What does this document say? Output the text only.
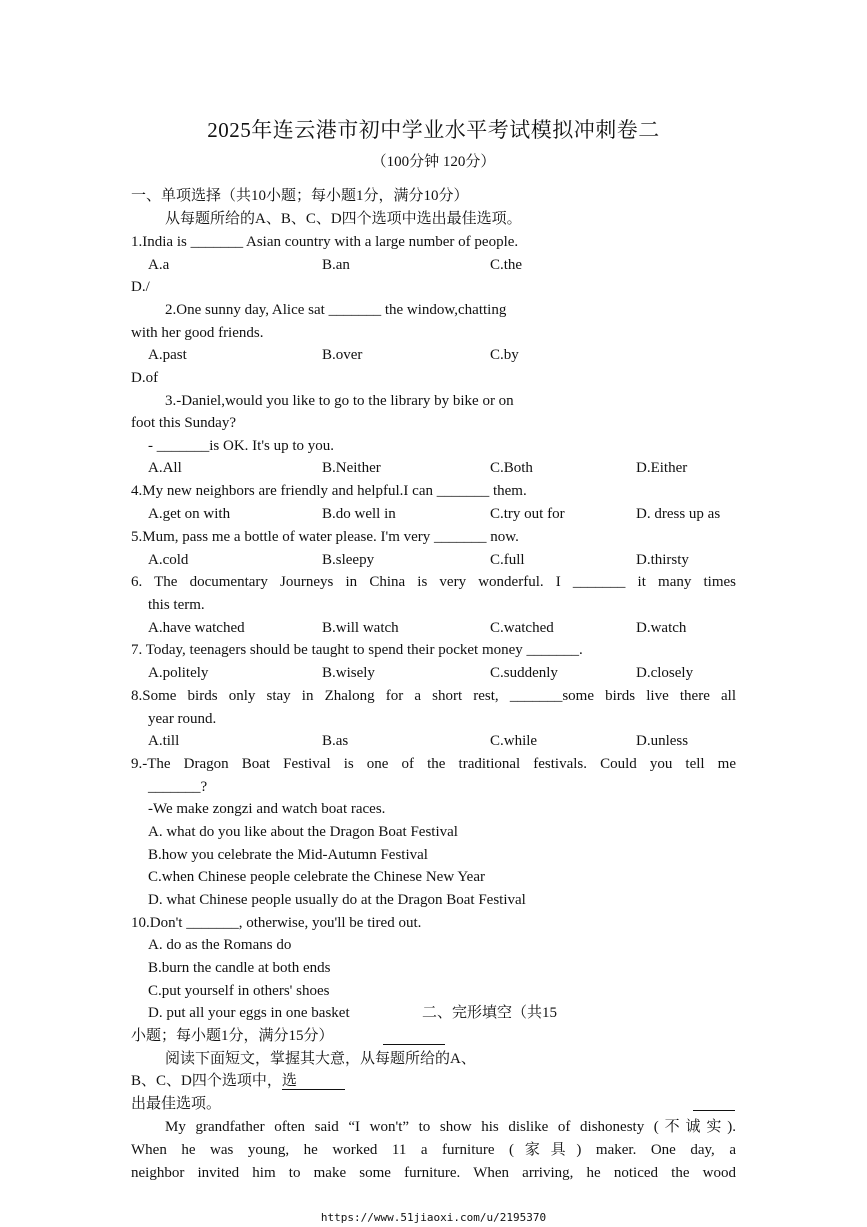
2025年连云港市初中学业水平考试模拟冲刺卷二
（100分钟 120分）
一、单项选择（共10小题；每小题1分，满分10分）
从每题所给的A、B、C、D四个选项中选出最佳选项。
1.India is _______ Asian country with a large number of people.
A.a	B.an	C.the
D./
2.One sunny day, Alice sat _______ the window,chatting
with her good friends.
A.past	B.over	C.by
D.of
3.-Daniel,would you like to go to the library by bike or on
foot this Sunday?
- _______is OK. It's up to you.
A.All	B.Neither	C.Both	D.Either
4.My new neighbors are friendly and helpful.I can _______ them.
A.get on with	B.do well in	C.try out for	D. dress up as
5.Mum, pass me a bottle of water please. I'm very _______ now.
A.cold	B.sleepy	C.full	D.thirsty
6. The documentary Journeys in China is very wonderful. I _______ it many times
this term.
A.have watched	B.will watch	C.watched	D.watch
7. Today, teenagers should be taught to spend their pocket money _______.
A.politely	B.wisely	C.suddenly	D.closely
8.Some birds only stay in Zhalong for a short rest, _______some birds live there all
year round.
A.till	B.as	C.while	D.unless
9.-The Dragon Boat Festival is one of the traditional festivals. Could you tell me
_______?
-We make zongzi and watch boat races.
A. what do you like about the Dragon Boat Festival
B.how you celebrate the Mid-Autumn Festival
C.when Chinese people celebrate the Chinese New Year
D. what Chinese people usually do at the Dragon Boat Festival
10.Don't _______, otherwise, you'll be tired out.
A. do as the Romans do
B.burn the candle at both ends
C.put yourself in others' shoes
D. put all your eggs in one basket	二、完形填空（共15
小题；每小题1分，满分15分）
阅读下面短文，掌握其大意，从每题所给的A、
B、C、D四个选项中，选
出最佳选项。
My grandfather often said “I won't” to show his dislike of dishonesty (不诚实).
When he was young, he worked 11 a furniture (家具) maker. One day, a
neighbor invited him to make some furniture. When arriving, he noticed the wood
https://www.51jiaoxi.com/u/2195370
